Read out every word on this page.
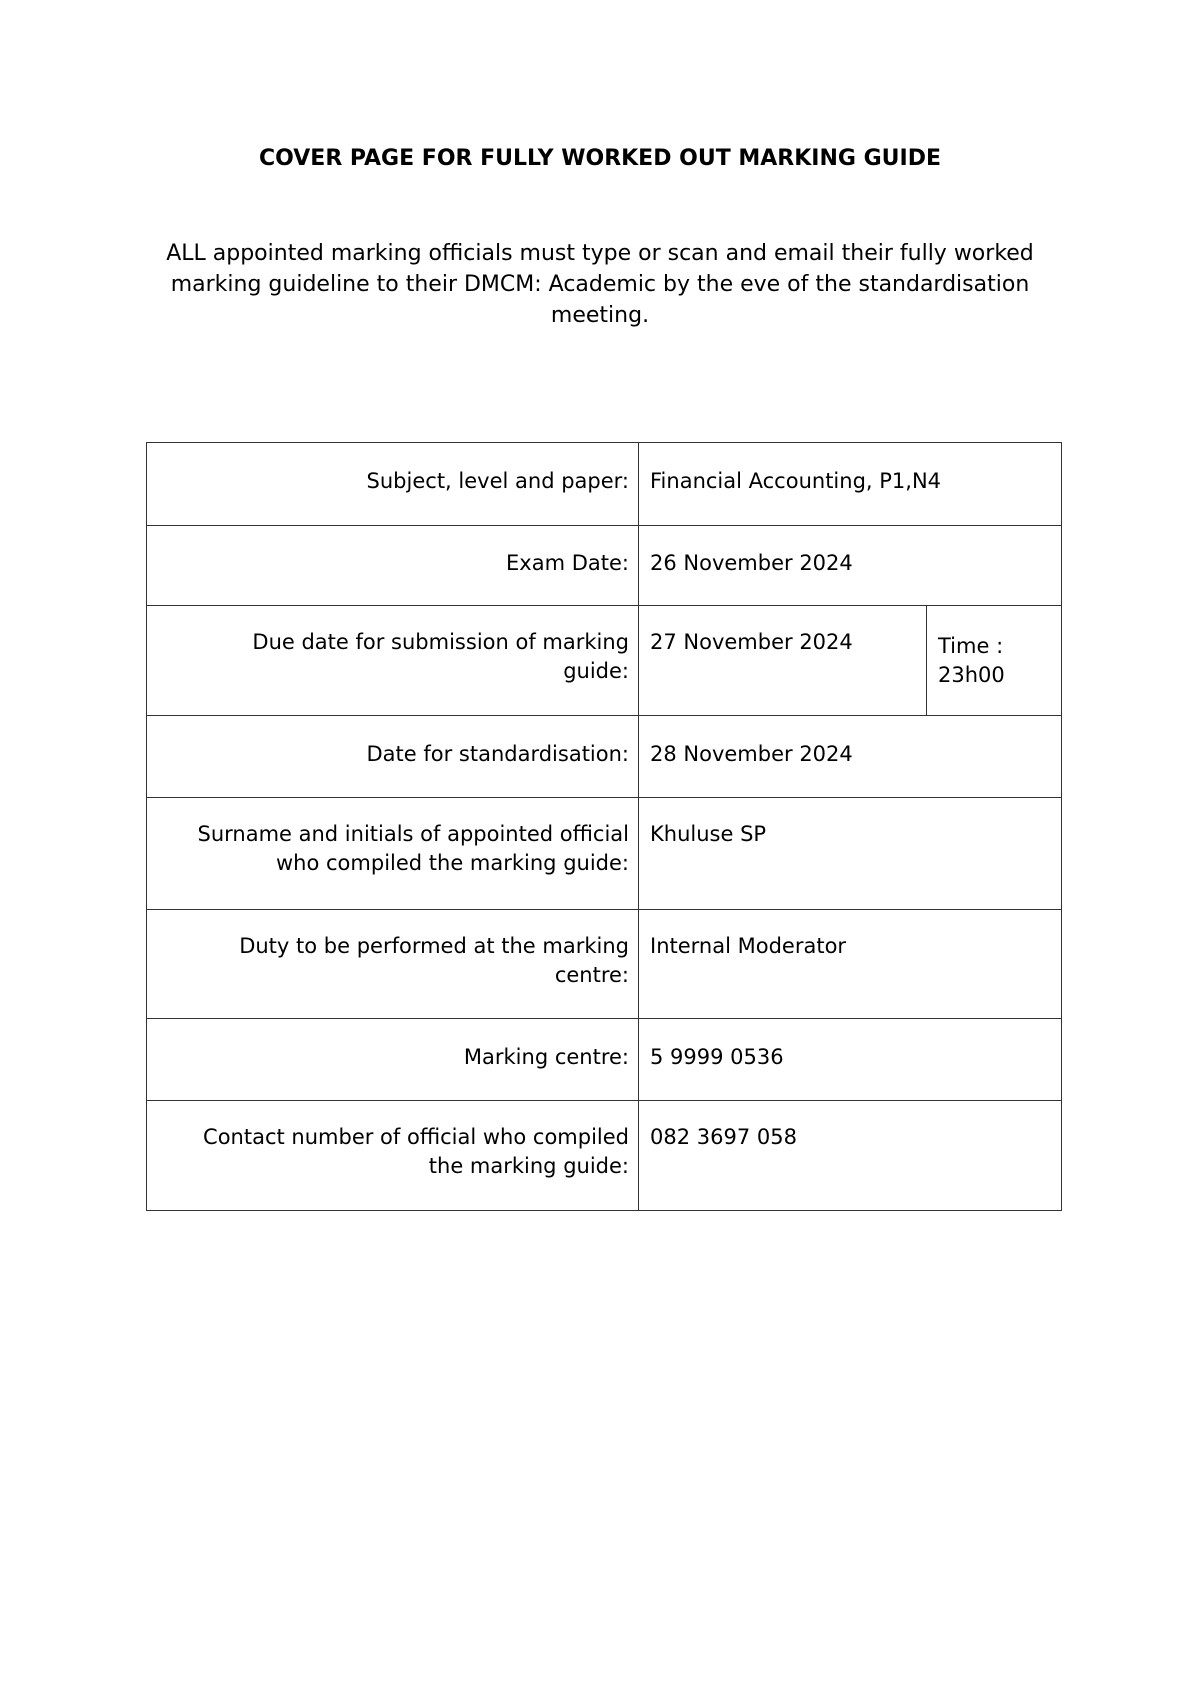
COVER PAGE FOR FULLY WORKED OUT MARKING GUIDE
ALL appointed marking officials must type or scan and email their fully worked marking guideline to their DMCM: Academic by the eve of the standardisation meeting.
Subject, level and paper:	Financial Accounting, P1,N4	
Exam Date:	26 November 2024	
Due date for submission of marking guide:	27 November 2024	Time : 23h00
Date for standardisation:	28 November 2024	
Surname and initials of appointed official who compiled the marking guide:	Khuluse SP	
Duty to be performed at the marking centre:	Internal Moderator	
Marking centre:	5 9999 0536	
Contact number of official who compiled the marking guide:	082 3697 058	
